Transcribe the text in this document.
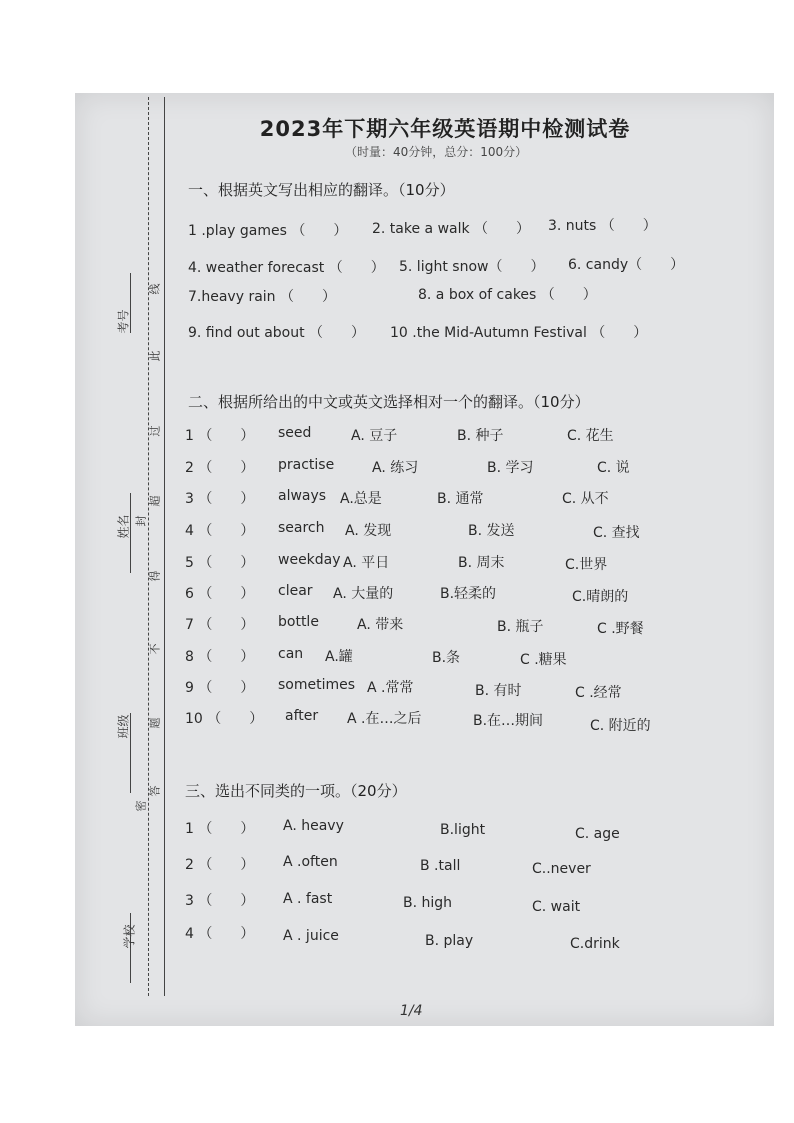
考号
姓名
班级
学校
线
此
过
超
得
封
不
题
答
密
2023年下期六年级英语期中检测试卷
（时量：40分钟，总分：100分）
一、根据英文写出相应的翻译。（10分）
1 .play games （　　） 2. take a walk （　　） 3. nuts （　　）
4. weather forecast （　　） 5. light snow（　　） 6. candy（　　）
7.heavy rain （　　）	8. a box of cakes （　　）
9. find out about （　　） 10 .the Mid-Autumn Festival （　　）
二、根据所给出的中文或英文选择相对一个的翻译。（10分）
1 （　　） seed	A. 豆子	B. 种子	C. 花生
2 （　　） practise	A. 练习	B. 学习	C. 说
3 （　　） always A.总是	B. 通常	C. 从不
4 （　　） search A. 发现	B. 发送	C. 查找
5 （　　） weekday A. 平日	B. 周末	C.世界
6 （　　） clear A. 大量的	B.轻柔的	C.晴朗的
7 （　　） bottle	A. 带来	B. 瓶子	C .野餐
8 （　　） can A.罐	B.条	C .糖果
9 （　　） sometimes A .常常	B. 有时	C .经常
10 （　　） after A .在…之后	B.在…期间	C. 附近的
三、选出不同类的一项。（20分）
1 （　　） A. heavy	B.light	C. age
2 （　　） A .often	B .tall	C..never
3 （　　） A . fast	B. high	C. wait
4 （　　） A . juice	B. play	C.drink
1/4
